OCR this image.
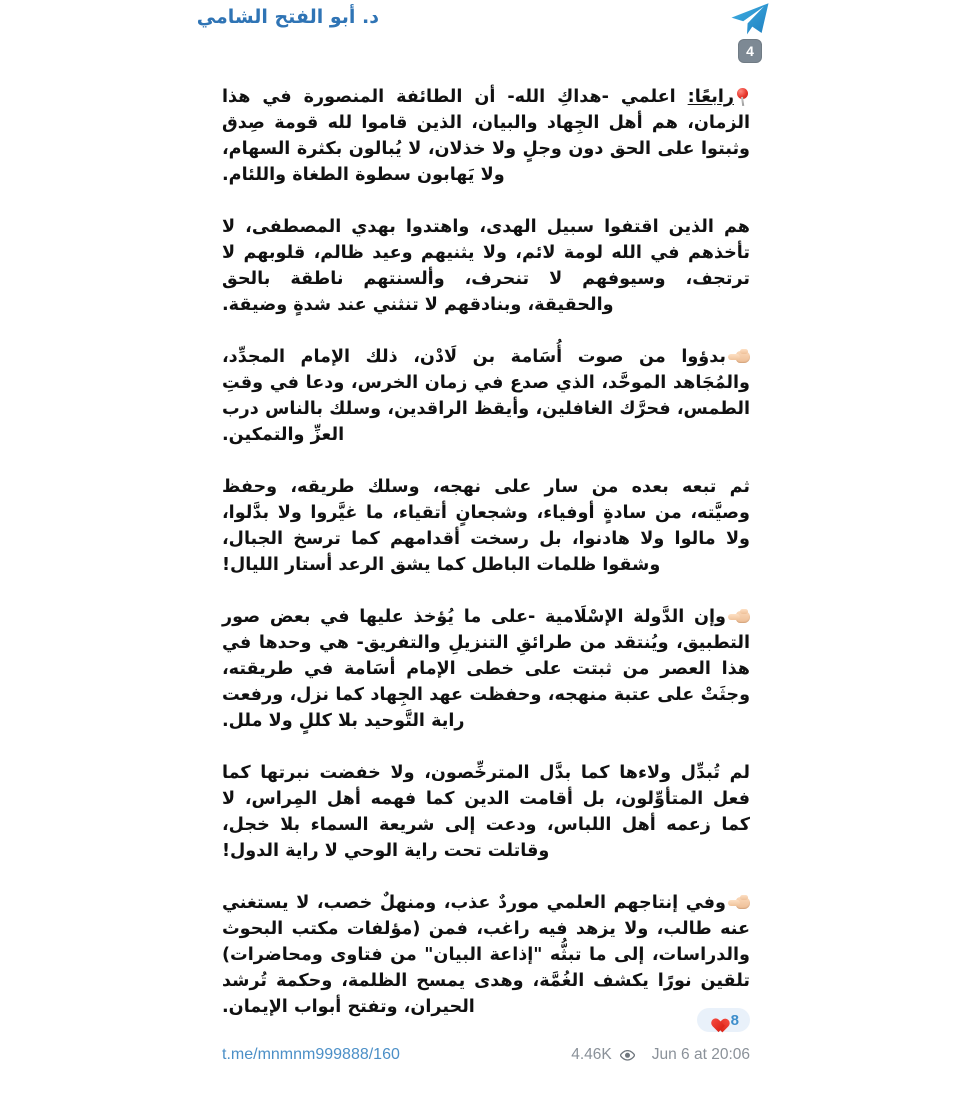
د. أبو الفتح الشامي
4

رابعًا: اعلمي -هداكِ الله- أن الطائفة المنصورة في هذا الزمان، هم أهل الجِهاد والبيان، الذين قاموا لله قومة صِدق وثبتوا على الحق دون وجلٍ ولا خذلان، لا يُبالون بكثرة السهام، ولا يَهابون سطوة الطغاة واللئام.

هم الذين اقتفوا سبيل الهدى، واهتدوا بهدي المصطفى، لا تأخذهم في الله لومة لائم، ولا يثنيهم وعيد ظالم، قلوبهم لا ترتجف، وسيوفهم لا تنحرف، وألسنتهم ناطقة بالحق والحقيقة، وبنادقهم لا تنثني عند شدةٍ وضيقة.

بدؤوا من صوت أُسَامة بن لَادْن، ذلك الإمام المجدِّد، والمُجَاهد الموحَّد، الذي صدع في زمان الخرس، ودعا في وقتِ الطمس، فحرَّك الغافلين، وأيقظ الراقدين، وسلك بالناس درب العزِّ والتمكين.

ثم تبعه بعده من سار على نهجه، وسلك طريقه، وحفظ وصيَّته، من سادةٍ أوفياء، وشجعانٍ أتقياء، ما غيَّروا ولا بدَّلوا، ولا مالوا ولا هادنوا، بل رسخت أقدامهم كما ترسخ الجبال، وشقوا ظلمات الباطل كما يشق الرعد أستار الليال!

وإن الدَّولة الإسْلَامية -على ما يُؤخذ عليها في بعض صور التطبيق، ويُنتقد من طرائقِ التنزيلِ والتفريق- هي وحدها في هذا العصر من ثبتت على خطى الإمام أسَامة في طريقته، وجثَتْ على عتبة منهجه، وحفظت عهد الجِهاد كما نزل، ورفعت راية التَّوحيد بلا كللٍ ولا ملل.

لم تُبدِّل ولاءها كما بدَّل المترخِّصون، ولا خفضت نبرتها كما فعل المتأوِّلون، بل أقامت الدين كما فهمه أهل المِراس، لا كما زعمه أهل اللباس، ودعت إلى شريعة السماء بلا خجل، وقاتلت تحت راية الوحي لا راية الدول!

وفي إنتاجهم العلمي موردٌ عذب، ومنهلٌ خصب، لا يستغني عنه طالب، ولا يزهد فيه راغب، فمن (مؤلفات مكتب البحوث والدراسات، إلى ما تبثُّه "إذاعة البيان" من فتاوى ومحاضرات) تلقين نورًا يكشف الغُمَّة، وهدى يمسح الظلمة، وحكمة تُرشد الحيران، وتفتح أبواب الإيمان.

8
t.me/mnmnm999888/160	4.46K	Jun 6 at 20:06
